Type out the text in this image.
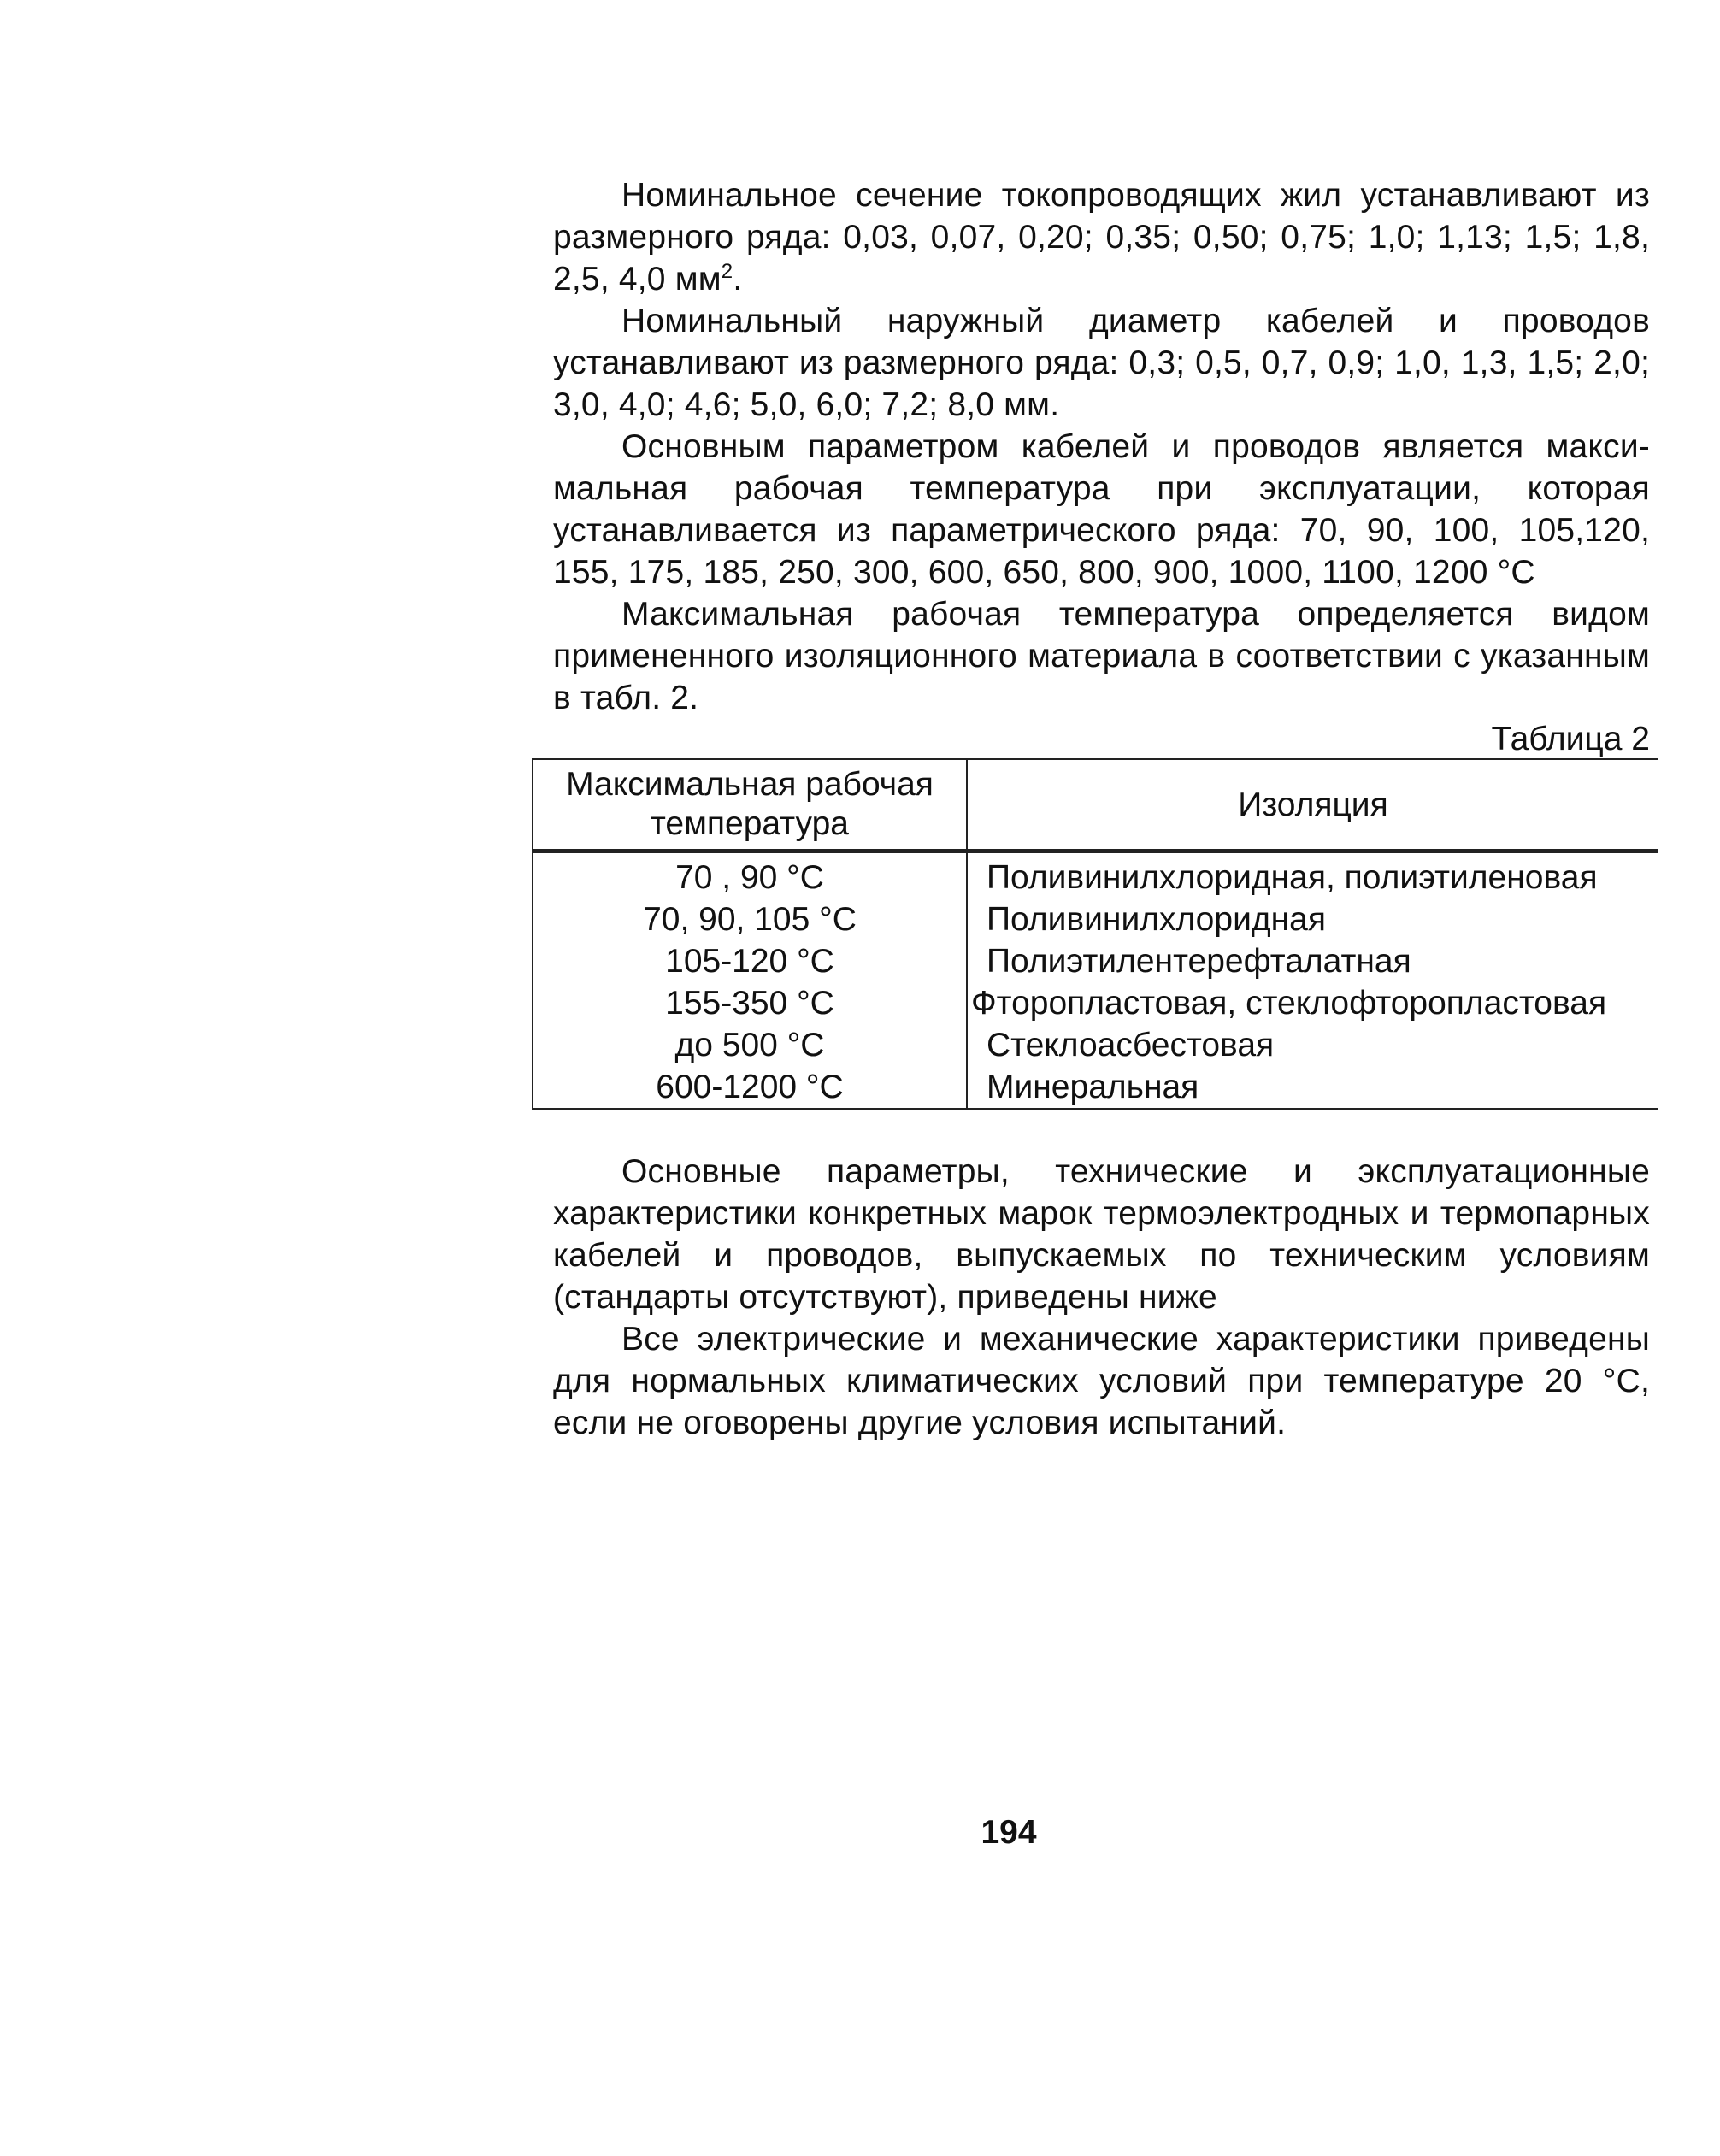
Номинальное сечение токопроводящих жил устанавливают из размерного ряда: 0,03, 0,07, 0,20; 0,35; 0,50; 0,75; 1,0; 1,13; 1,5; 1,8, 2,5, 4,0 $мм^2$.

Номинальный наружный диаметр кабелей и проводов устанавливают из размерного ряда: 0,3; 0,5, 0,7, 0,9; 1,0, 1,3, 1,5; 2,0; 3,0, 4,0; 4,6; 5,0, 6,0; 7,2; 8,0 мм.

Основным параметром кабелей и проводов является макси-мальная рабочая температура при эксплуатации, которая устанавливается из параметрического ряда: 70, 90, 100, 105,120, 155, 175, 185, 250, 300, 600, 650, 800, 900, 1000, 1100, 1200 °С

Максимальная рабочая температура определяется видом примененного изоляционного материала в соответствии с указанным в табл. 2.

Таблица 2
Максимальная рабочая температура	Изоляция
70 , 90 °С	Поливинилхлоридная, полиэтиленовая
70, 90, 105 °С	Поливинилхлоридная
105-120 °С	Полиэтилентерефталатная
155-350 °С	Фторопластовая, стеклофторопластовая
до 500 °С	Стеклоасбестовая
600-1200 °С	Минеральная

Основные параметры, технические и эксплуатационные характеристики конкретных марок термоэлектродных и термопарных кабелей и проводов, выпускаемых по техническим условиям (стандарты отсутствуют), приведены ниже

Все электрические и механические характеристики приведены для нормальных климатических условий при температуре 20 °С, если не оговорены другие условия испытаний.

194
